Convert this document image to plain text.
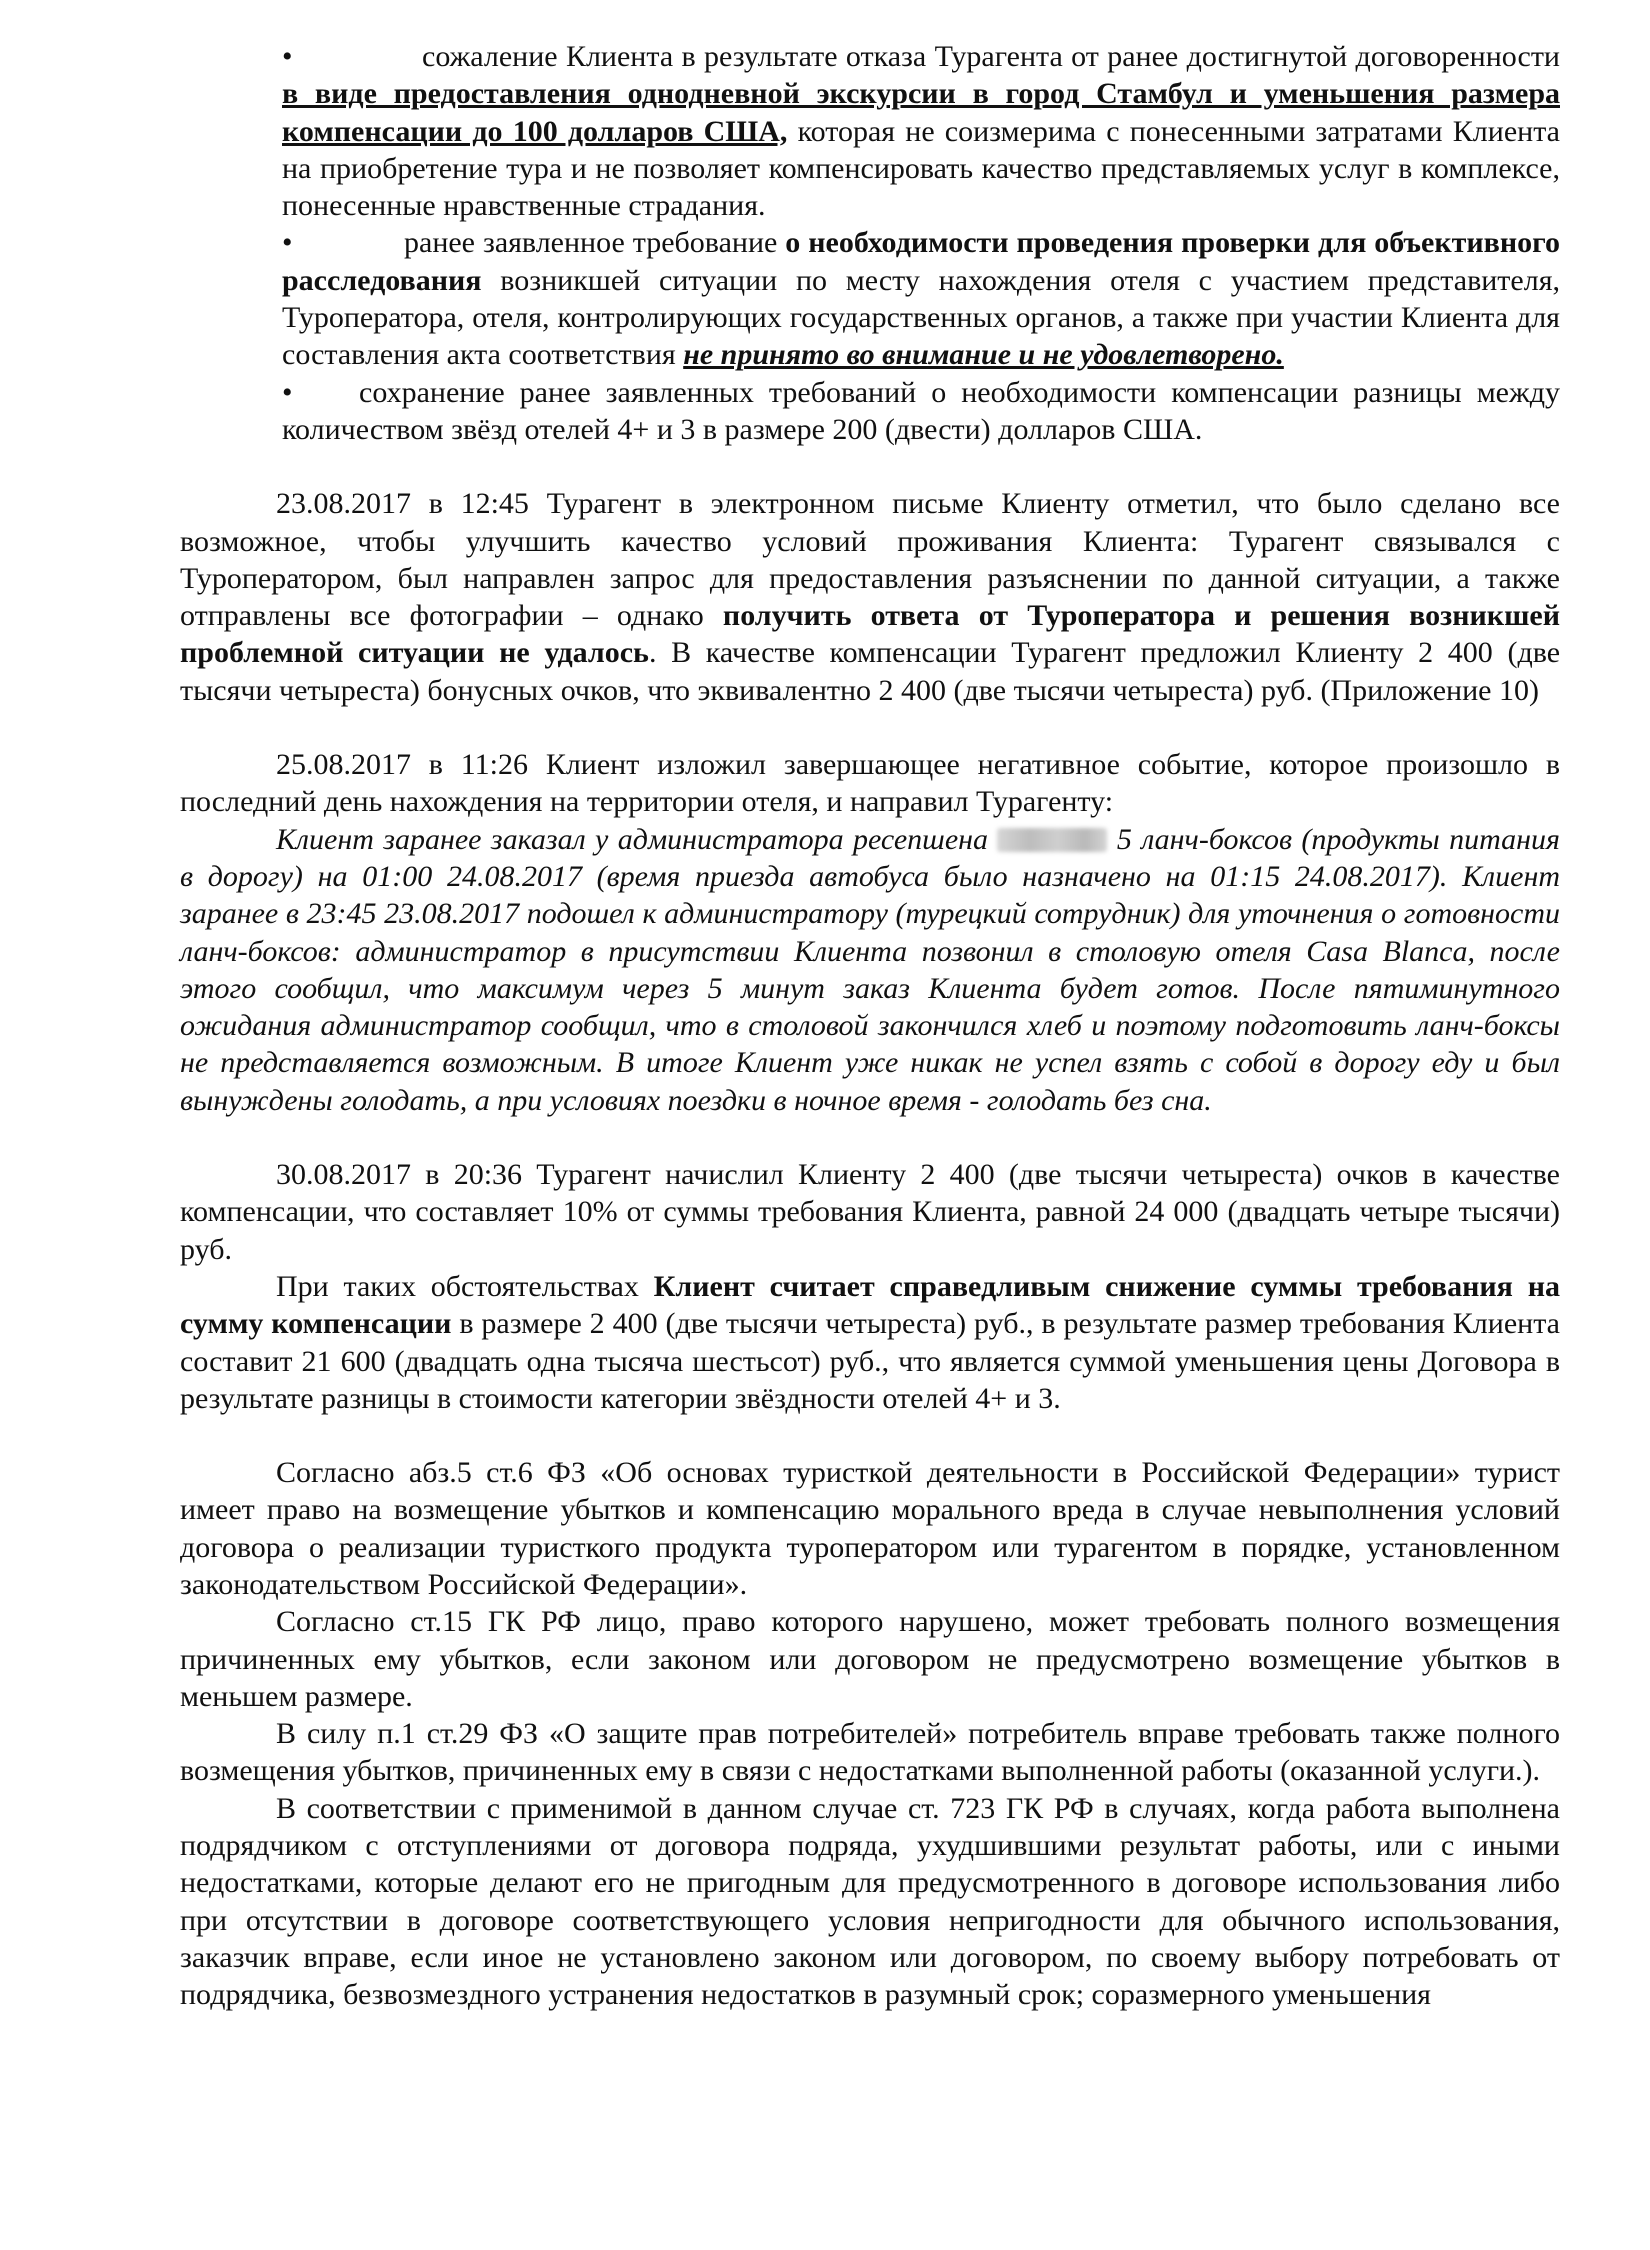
•	сожаление Клиента в результате отказа Турагента от ранее достигнутой договоренности в виде предоставления однодневной экскурсии в город Стамбул и уменьшения размера компенсации до 100 долларов США, которая не соизмерима с понесенными затратами Клиента на приобретение тура и не позволяет компенсировать качество представляемых услуг в комплексе, понесенные нравственные страдания.

•	ранее заявленное требование о необходимости проведения проверки для объективного расследования возникшей ситуации по месту нахождения отеля с участием представителя, Туроператора, отеля, контролирующих государственных органов, а также при участии Клиента для составления акта соответствия не принято во внимание и не удовлетворено.

•	сохранение ранее заявленных требований о необходимости компенсации разницы между количеством звёзд отелей 4+ и 3 в размере 200 (двести) долларов США.

23.08.2017 в 12:45 Турагент в электронном письме Клиенту отметил, что было сделано все возможное, чтобы улучшить качество условий проживания Клиента: Турагент связывался с Туроператором, был направлен запрос для предоставления разъяснении по данной ситуации, а также отправлены все фотографии – однако получить ответа от Туроператора и решения возникшей проблемной ситуации не удалось. В качестве компенсации Турагент предложил Клиенту 2 400 (две тысячи четыреста) бонусных очков, что эквивалентно 2 400 (две тысячи четыреста) руб. (Приложение 10)

25.08.2017 в 11:26 Клиент изложил завершающее негативное событие, которое произошло в последний день нахождения на территории отеля, и направил Турагенту:

Клиент заранее заказал у администратора ресепшена	5 ланч-боксов (продукты питания в дорогу) на 01:00 24.08.2017 (время приезда автобуса было назначено на 01:15 24.08.2017). Клиент заранее в 23:45 23.08.2017 подошел к администратору (турецкий сотрудник) для уточнения о готовности ланч-боксов: администратор в присутствии Клиента позвонил в столовую отеля Casa Blanca, после этого сообщил, что максимум через 5 минут заказ Клиента будет готов. После пятиминутного ожидания администратор сообщил, что в столовой закончился хлеб и поэтому подготовить ланч-боксы не представляется возможным. В итоге Клиент уже никак не успел взять с собой в дорогу еду и был вынуждены голодать, а при условиях поездки в ночное время - голодать без сна.

30.08.2017 в 20:36 Турагент начислил Клиенту 2 400 (две тысячи четыреста) очков в качестве компенсации, что составляет 10% от суммы требования Клиента, равной 24 000 (двадцать четыре тысячи) руб.

При таких обстоятельствах Клиент считает справедливым снижение суммы требования на сумму компенсации в размере 2 400 (две тысячи четыреста) руб., в результате размер требования Клиента составит 21 600 (двадцать одна тысяча шестьсот) руб., что является суммой уменьшения цены Договора в результате разницы в стоимости категории звёздности отелей 4+ и 3.

Согласно абз.5 ст.6 ФЗ «Об основах туристкой деятельности в Российской Федерации» турист имеет право на возмещение убытков и компенсацию морального вреда в случае невыполнения условий договора о реализации туристкого продукта туроператором или турагентом в порядке, установленном законодательством Российской Федерации».

Согласно ст.15 ГК РФ лицо, право которого нарушено, может требовать полного возмещения причиненных ему убытков, если законом или договором не предусмотрено возмещение убытков в меньшем размере.

В силу п.1 ст.29 ФЗ «О защите прав потребителей» потребитель вправе требовать также полного возмещения убытков, причиненных ему в связи с недостатками выполненной работы (оказанной услуги.).

В соответствии с применимой в данном случае ст. 723 ГК РФ в случаях, когда работа выполнена подрядчиком с отступлениями от договора подряда, ухудшившими результат работы, или с иными недостатками, которые делают его не пригодным для предусмотренного в договоре использования либо при отсутствии в договоре соответствующего условия непригодности для обычного использования, заказчик вправе, если иное не установлено законом или договором, по своему выбору потребовать от подрядчика, безвозмездного устранения недостатков в разумный срок; соразмерного уменьшения
